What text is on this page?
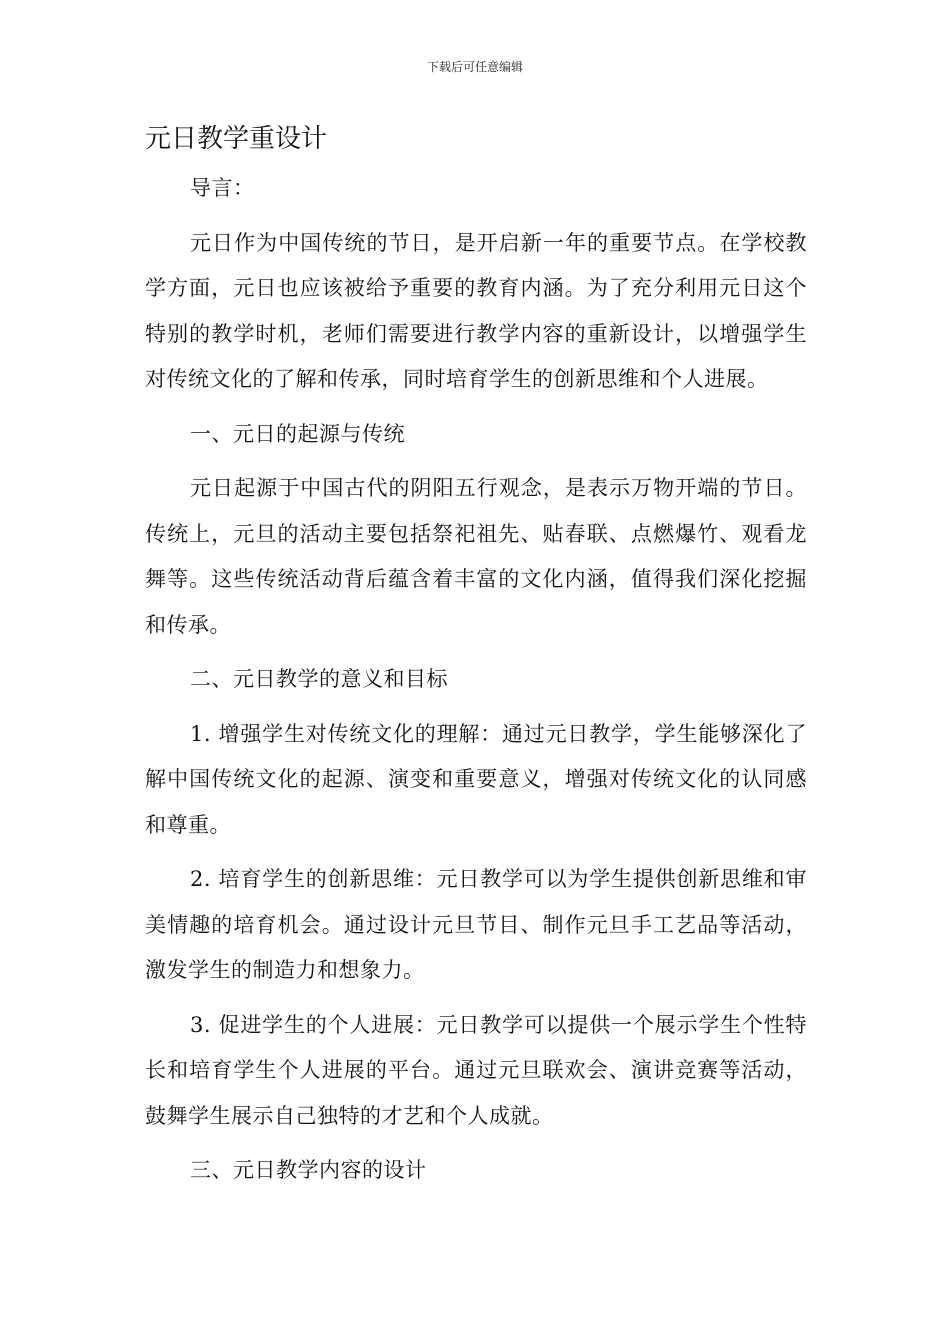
下载后可任意编辑
元日教学重设计

导言：

元日作为中国传统的节日，是开启新一年的重要节点。在学校教学方面，元日也应该被给予重要的教育内涵。为了充分利用元日这个特别的教学时机，老师们需要进行教学内容的重新设计，以增强学生对传统文化的了解和传承，同时培育学生的创新思维和个人进展。

一、元日的起源与传统

元日起源于中国古代的阴阳五行观念，是表示万物开端的节日。传统上，元旦的活动主要包括祭祀祖先、贴春联、点燃爆竹、观看龙舞等。这些传统活动背后蕴含着丰富的文化内涵，值得我们深化挖掘和传承。

二、元日教学的意义和目标

1. 增强学生对传统文化的理解：通过元日教学，学生能够深化了解中国传统文化的起源、演变和重要意义，增强对传统文化的认同感和尊重。

2. 培育学生的创新思维：元日教学可以为学生提供创新思维和审美情趣的培育机会。通过设计元旦节目、制作元旦手工艺品等活动，激发学生的制造力和想象力。

3. 促进学生的个人进展：元日教学可以提供一个展示学生个性特长和培育学生个人进展的平台。通过元旦联欢会、演讲竞赛等活动，鼓舞学生展示自己独特的才艺和个人成就。

三、元日教学内容的设计
